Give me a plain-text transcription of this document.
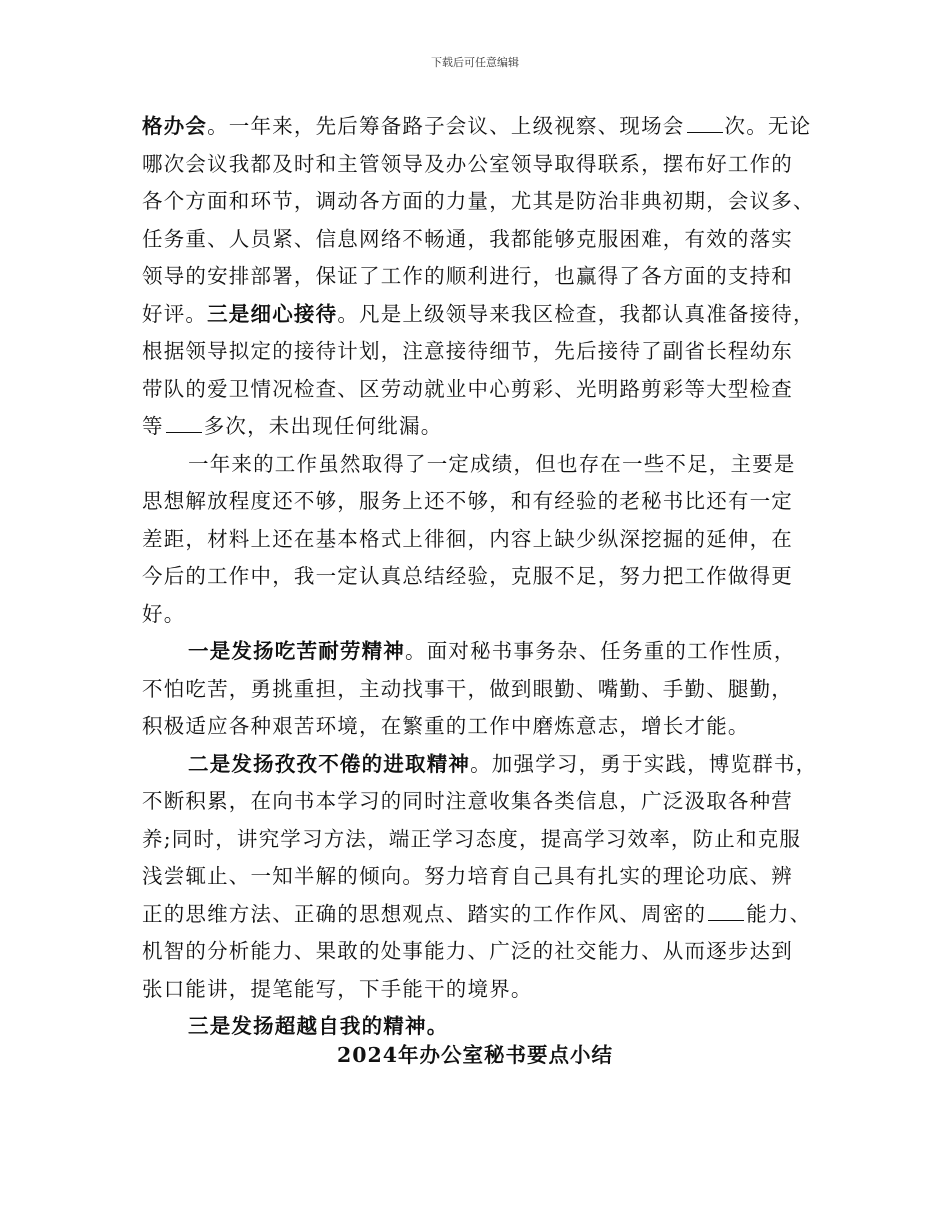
下载后可任意编辑
格办会。一年来，先后筹备路子会议、上级视察、现场会 次。无论
哪次会议我都及时和主管领导及办公室领导取得联系，摆布好工作的
各个方面和环节，调动各方面的力量，尤其是防治非典初期，会议多、
任务重、人员紧、信息网络不畅通，我都能够克服困难，有效的落实
领导的安排部署，保证了工作的顺利进行，也赢得了各方面的支持和
好评。三是细心接待。凡是上级领导来我区检查，我都认真准备接待，
根据领导拟定的接待计划，注意接待细节，先后接待了副省长程幼东
带队的爱卫情况检查、区劳动就业中心剪彩、光明路剪彩等大型检查
等 多次，未出现任何纰漏。
一年来的工作虽然取得了一定成绩，但也存在一些不足，主要是
思想解放程度还不够，服务上还不够，和有经验的老秘书比还有一定
差距，材料上还在基本格式上徘徊，内容上缺少纵深挖掘的延伸，在
今后的工作中，我一定认真总结经验，克服不足，努力把工作做得更
好。
一是发扬吃苦耐劳精神。面对秘书事务杂、任务重的工作性质，
不怕吃苦，勇挑重担，主动找事干，做到眼勤、嘴勤、手勤、腿勤，
积极适应各种艰苦环境，在繁重的工作中磨炼意志，增长才能。
二是发扬孜孜不倦的进取精神。加强学习，勇于实践，博览群书，
不断积累，在向书本学习的同时注意收集各类信息，广泛汲取各种营
养;同时，讲究学习方法，端正学习态度，提高学习效率，防止和克服
浅尝辄止、一知半解的倾向。努力培育自己具有扎实的理论功底、辨
正的思维方法、正确的思想观点、踏实的工作作风、周密的 能力、
机智的分析能力、果敢的处事能力、广泛的社交能力、从而逐步达到
张口能讲，提笔能写，下手能干的境界。
三是发扬超越自我的精神。
2024年办公室秘书要点小结
